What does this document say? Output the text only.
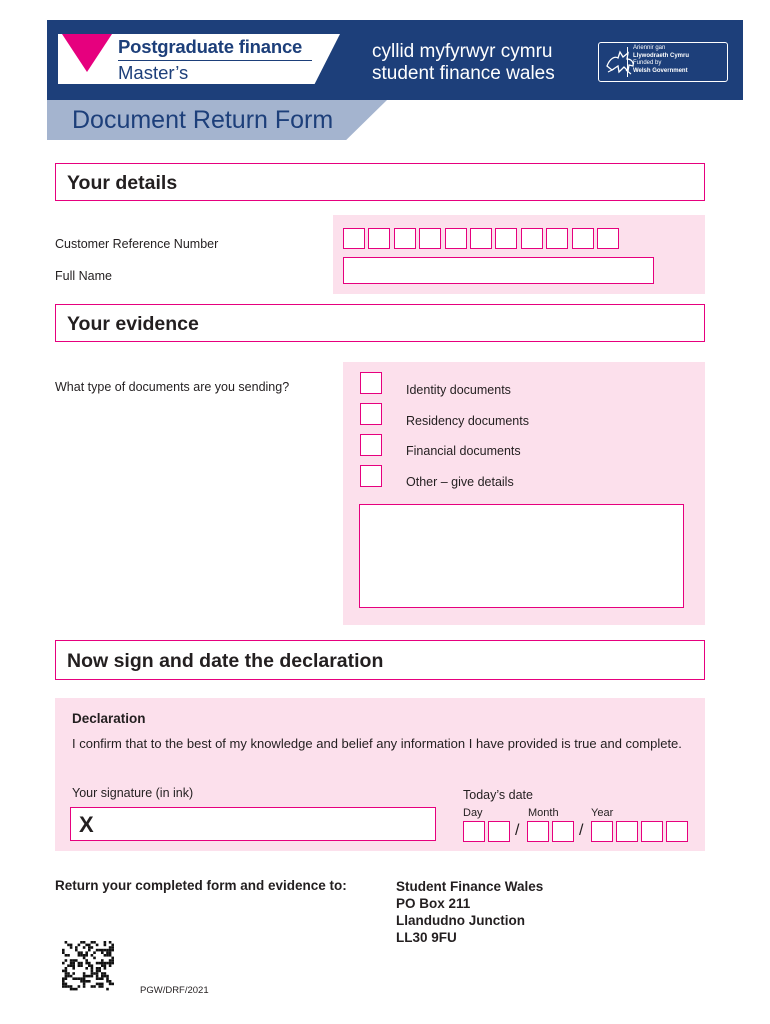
Postgraduate finance
Master’s
cyllid myfyrwyr cymru
student finance wales
Ariennir gan
Llywodraeth Cymru
Funded by
Welsh Government
Document Return Form
Your details
Customer Reference Number
Full Name
Your evidence
What type of documents are you sending?	Identity documents
Residency documents
Financial documents
Other – give details
Now sign and date the declaration
Declaration
I confirm that to the best of my knowledge and belief any information I have provided is true and complete.
Your signature (in ink)
X
Today’s date
Day	Month	Year
/	/
Return your completed form and evidence to:	Student Finance Wales
PO Box 211
Llandudno Junction
LL30 9FU
PGW/DRF/2021
